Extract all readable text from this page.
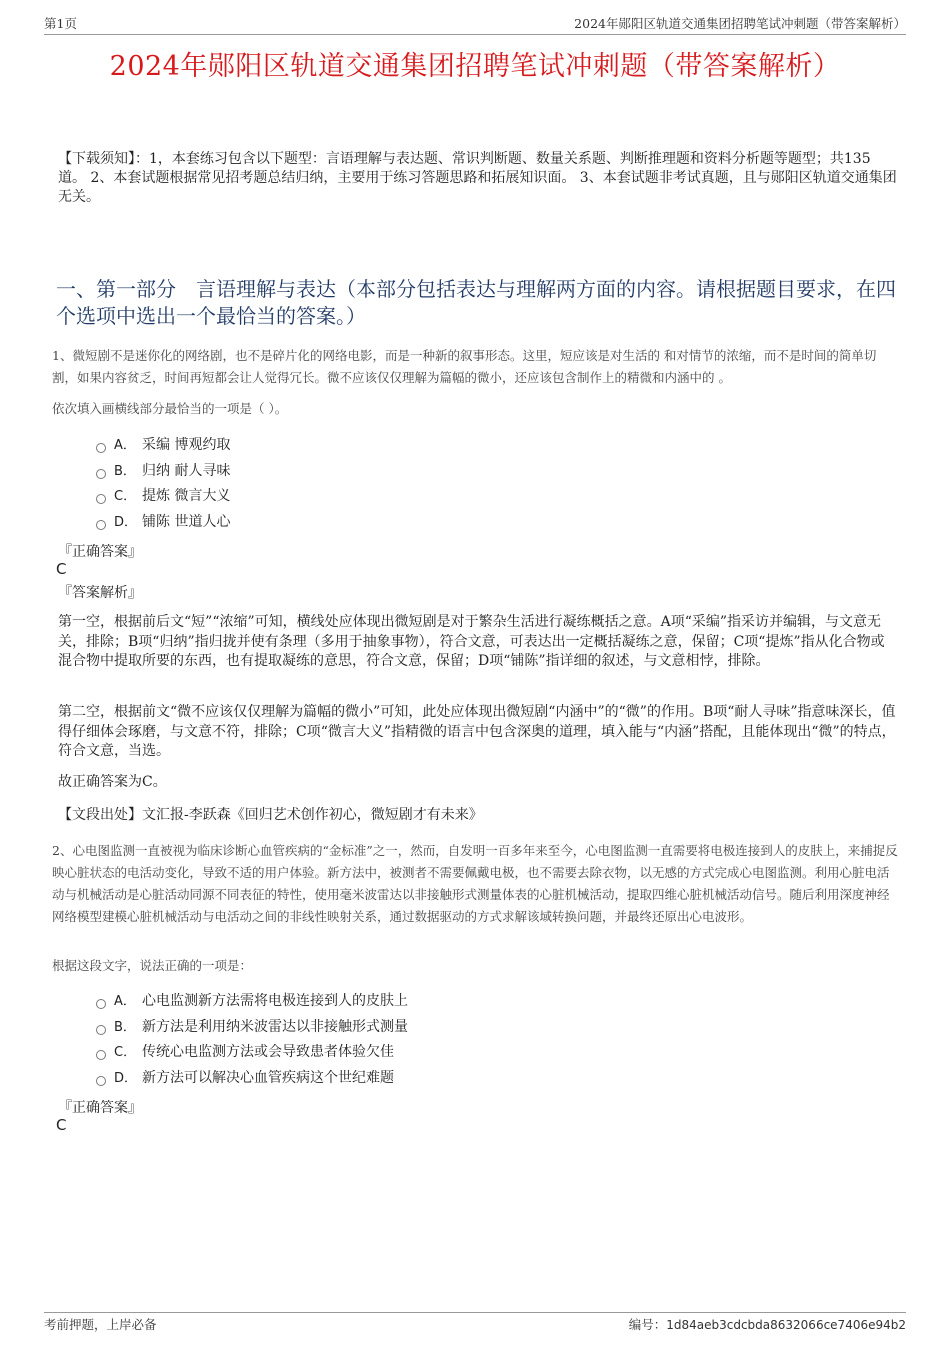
第1页	2024年郧阳区轨道交通集团招聘笔试冲刺题（带答案解析）
2024年郧阳区轨道交通集团招聘笔试冲刺题（带答案解析）
【下载须知】：1，本套练习包含以下题型：言语理解与表达题、常识判断题、数量关系题、判断推理题和资料分析题等题型；共135道。 2、本套试题根据常见招考题总结归纳，主要用于练习答题思路和拓展知识面。 3、本套试题非考试真题，且与郧阳区轨道交通集团无关。
一、第一部分　言语理解与表达（本部分包括表达与理解两方面的内容。请根据题目要求，在四个选项中选出一个最恰当的答案。）
1、微短剧不是迷你化的网络剧，也不是碎片化的网络电影，而是一种新的叙事形态。这里，短应该是对生活的 和对情节的浓缩，而不是时间的简单切割，如果内容贫乏，时间再短都会让人觉得冗长。微不应该仅仅理解为篇幅的微小，还应该包含制作上的精微和内涵中的 。
依次填入画横线部分最恰当的一项是（ ）。
A． 采编 博观约取
B． 归纳 耐人寻味
C． 提炼 微言大义
D． 铺陈 世道人心
『正确答案』
C
『答案解析』
第一空，根据前后文“短”“浓缩”可知，横线处应体现出微短剧是对于繁杂生活进行凝练概括之意。A项“采编”指采访并编辑，与文意无关，排除；B项“归纳”指归拢并使有条理（多用于抽象事物），符合文意，可表达出一定概括凝练之意，保留；C项“提炼”指从化合物或混合物中提取所要的东西，也有提取凝练的意思，符合文意，保留；D项“铺陈”指详细的叙述，与文意相悖，排除。
第二空，根据前文“微不应该仅仅理解为篇幅的微小”可知，此处应体现出微短剧“内涵中”的“微”的作用。B项“耐人寻味”指意味深长，值得仔细体会琢磨，与文意不符，排除；C项“微言大义”指精微的语言中包含深奥的道理，填入能与“内涵”搭配，且能体现出“微”的特点，符合文意，当选。
故正确答案为C。
【文段出处】文汇报-李跃森《回归艺术创作初心，微短剧才有未来》
2、心电图监测一直被视为临床诊断心血管疾病的“金标准”之一，然而，自发明一百多年来至今，心电图监测一直需要将电极连接到人的皮肤上，来捕捉反映心脏状态的电活动变化，导致不适的用户体验。新方法中，被测者不需要佩戴电极，也不需要去除衣物，以无感的方式完成心电图监测。利用心脏电活动与机械活动是心脏活动同源不同表征的特性，使用毫米波雷达以非接触形式测量体表的心脏机械活动，提取四维心脏机械活动信号。随后利用深度神经网络模型建模心脏机械活动与电活动之间的非线性映射关系，通过数据驱动的方式求解该域转换问题，并最终还原出心电波形。
根据这段文字，说法正确的一项是：
A． 心电监测新方法需将电极连接到人的皮肤上
B． 新方法是利用纳米波雷达以非接触形式测量
C． 传统心电监测方法或会导致患者体验欠佳
D． 新方法可以解决心血管疾病这个世纪难题
『正确答案』
C
考前押题，上岸必备	编号：1d84aeb3cdcbda8632066ce7406e94b2
